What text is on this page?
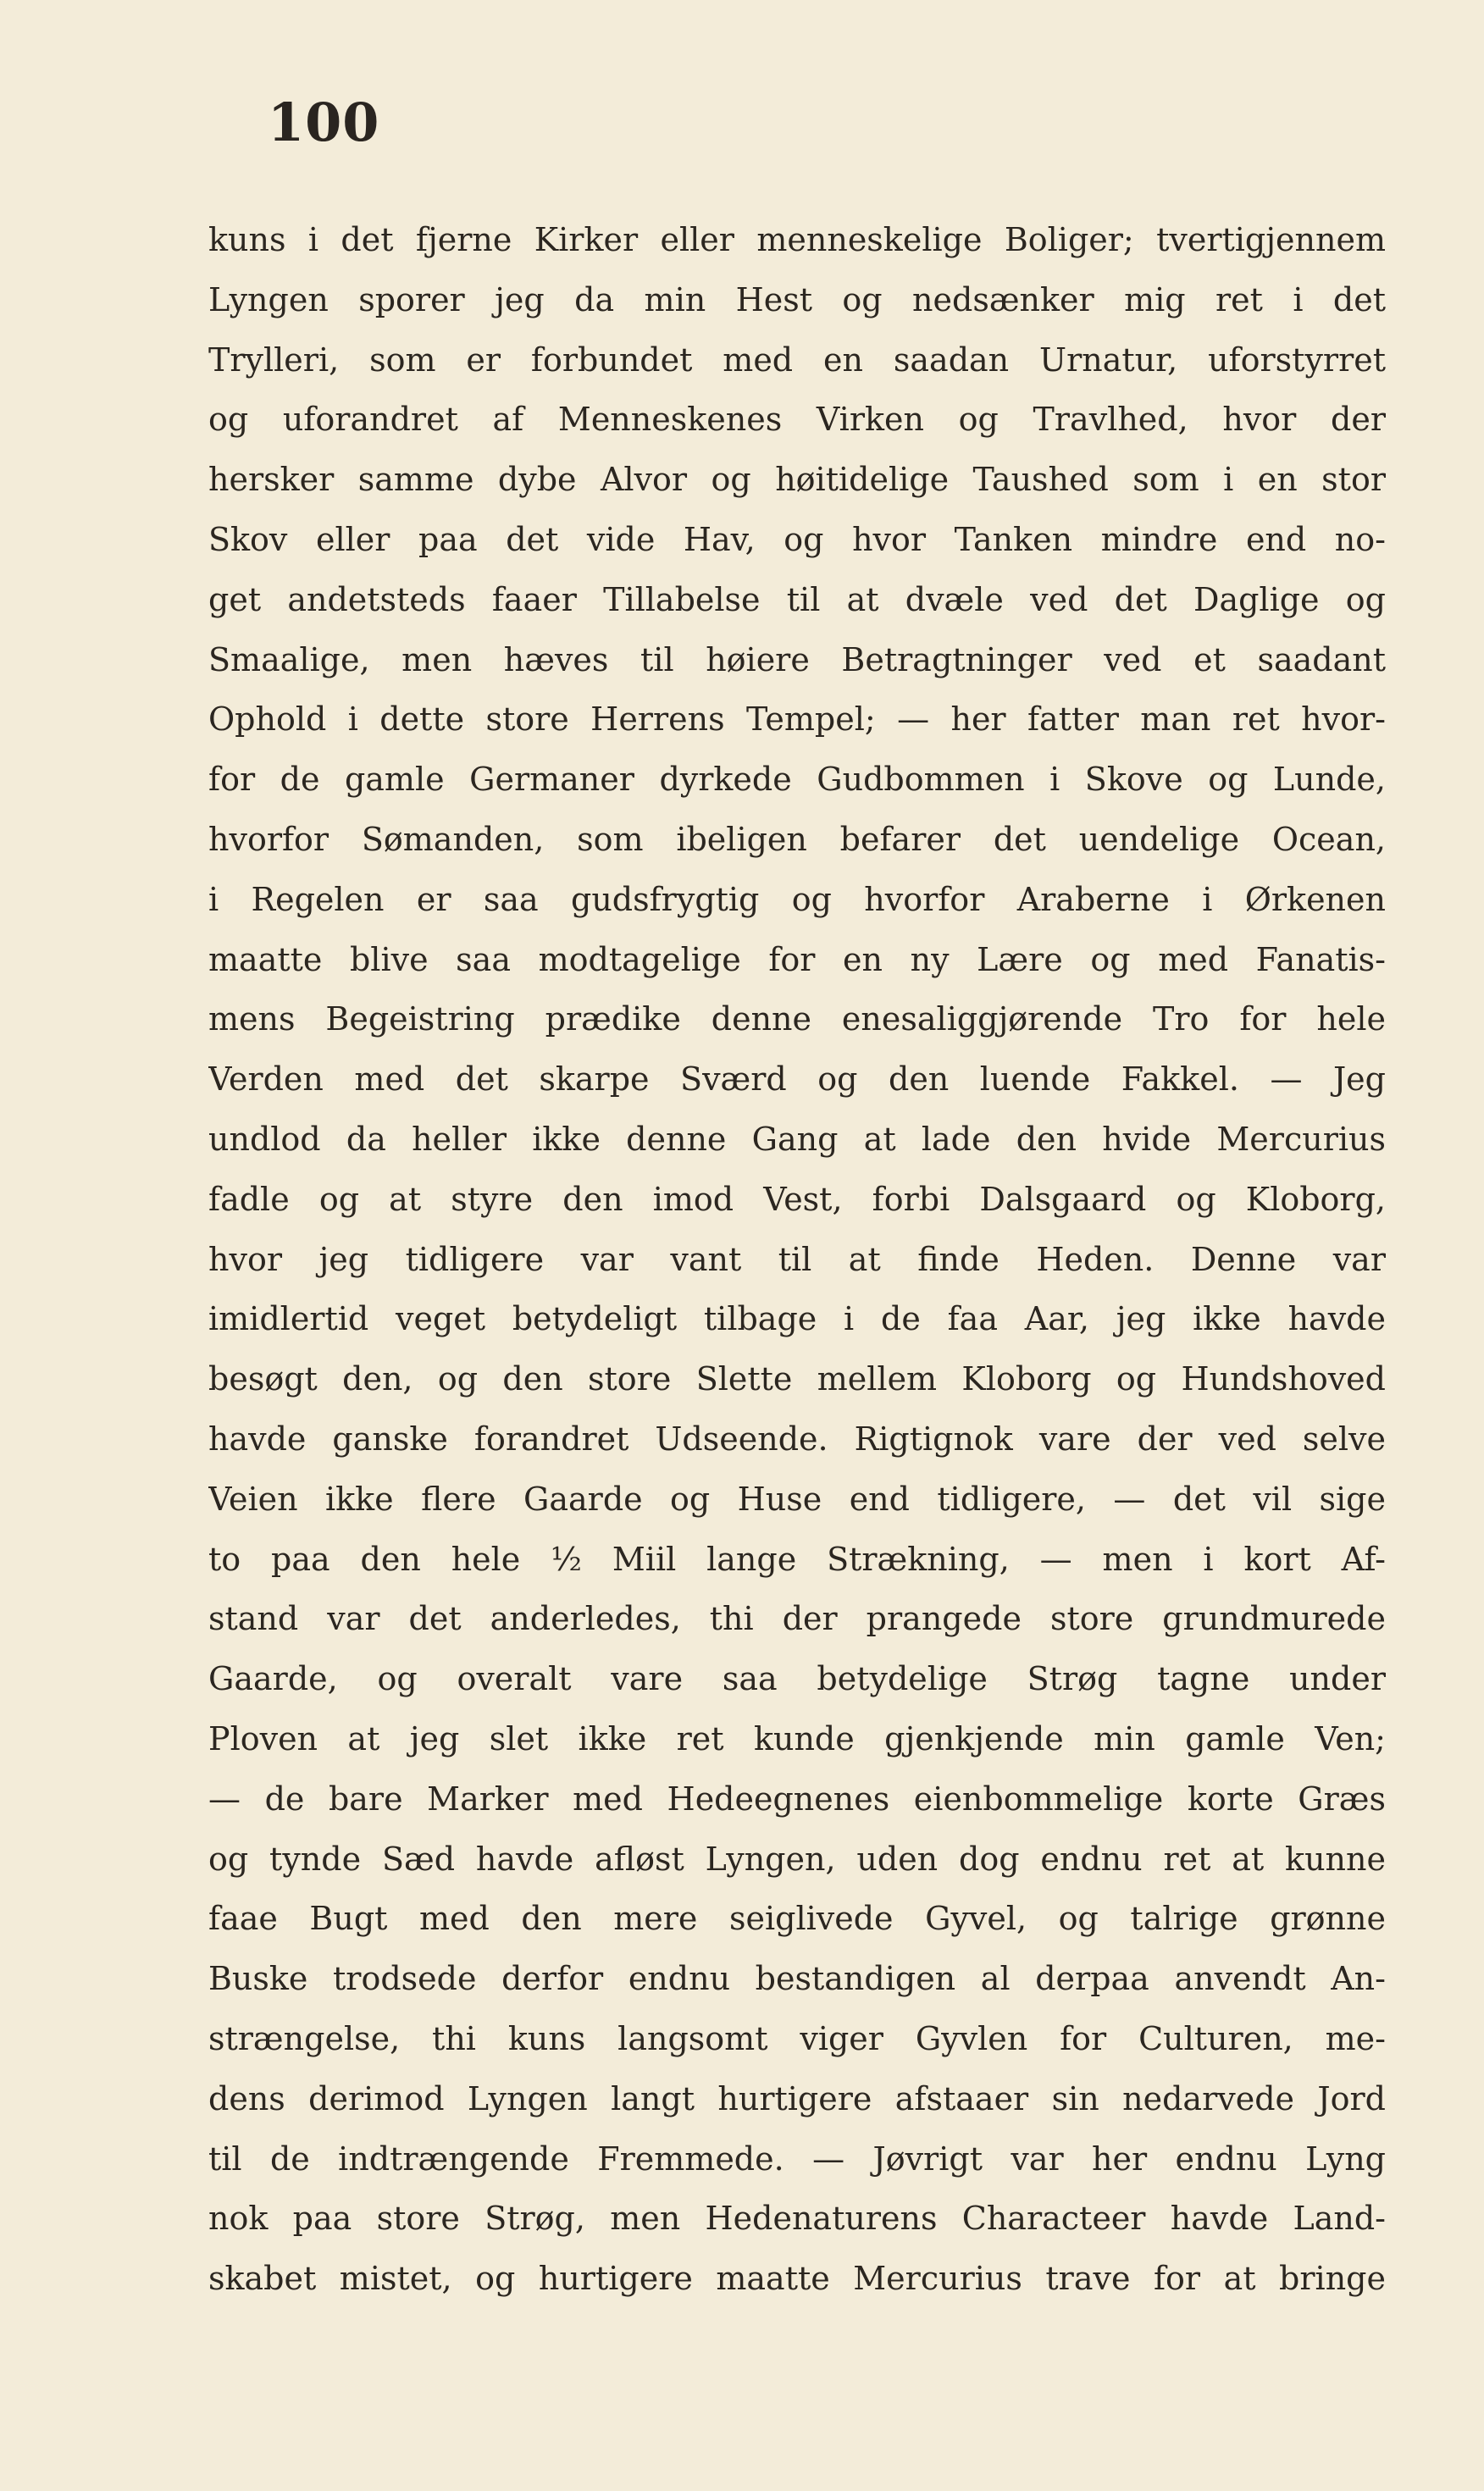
100
kuns i det fjerne Kirker eller menneskelige Boliger; tvertigjennem
Lyngen sporer jeg da min Hest og nedsænker mig ret i det
Trylleri, som er forbundet med en saadan Urnatur, uforstyrret
og uforandret af Menneskenes Virken og Travlhed, hvor der
hersker samme dybe Alvor og høitidelige Taushed som i en stor
Skov eller paa det vide Hav, og hvor Tanken mindre end no-
get andetsteds faaer Tillabelse til at dvæle ved det Daglige og
Smaalige, men hæves til høiere Betragtninger ved et saadant
Ophold i dette store Herrens Tempel; — her fatter man ret hvor-
for de gamle Germaner dyrkede Gudbommen i Skove og Lunde,
hvorfor Sømanden, som ibeligen befarer det uendelige Ocean,
i Regelen er saa gudsfrygtig og hvorfor Araberne i Ørkenen
maatte blive saa modtagelige for en ny Lære og med Fanatis-
mens Begeistring prædike denne enesaliggjørende Tro for hele
Verden med det skarpe Sværd og den luende Fakkel. — Jeg
undlod da heller ikke denne Gang at lade den hvide Mercurius
fadle og at styre den imod Vest, forbi Dalsgaard og Kloborg,
hvor jeg tidligere var vant til at finde Heden. Denne var
imidlertid veget betydeligt tilbage i de faa Aar, jeg ikke havde
besøgt den, og den store Slette mellem Kloborg og Hundshoved
havde ganske forandret Udseende. Rigtignok vare der ved selve
Veien ikke flere Gaarde og Huse end tidligere, — det vil sige
to paa den hele ½ Miil lange Strækning, — men i kort Af-
stand var det anderledes, thi der prangede store grundmurede
Gaarde, og overalt vare saa betydelige Strøg tagne under
Ploven at jeg slet ikke ret kunde gjenkjende min gamle Ven;
— de bare Marker med Hedeegnenes eienbommelige korte Græs
og tynde Sæd havde afløst Lyngen, uden dog endnu ret at kunne
faae Bugt med den mere seiglivede Gyvel, og talrige grønne
Buske trodsede derfor endnu bestandigen al derpaa anvendt An-
strængelse, thi kuns langsomt viger Gyvlen for Culturen, me-
dens derimod Lyngen langt hurtigere afstaaer sin nedarvede Jord
til de indtrængende Fremmede. — Jøvrigt var her endnu Lyng
nok paa store Strøg, men Hedenaturens Characteer havde Land-
skabet mistet, og hurtigere maatte Mercurius trave for at bringe
